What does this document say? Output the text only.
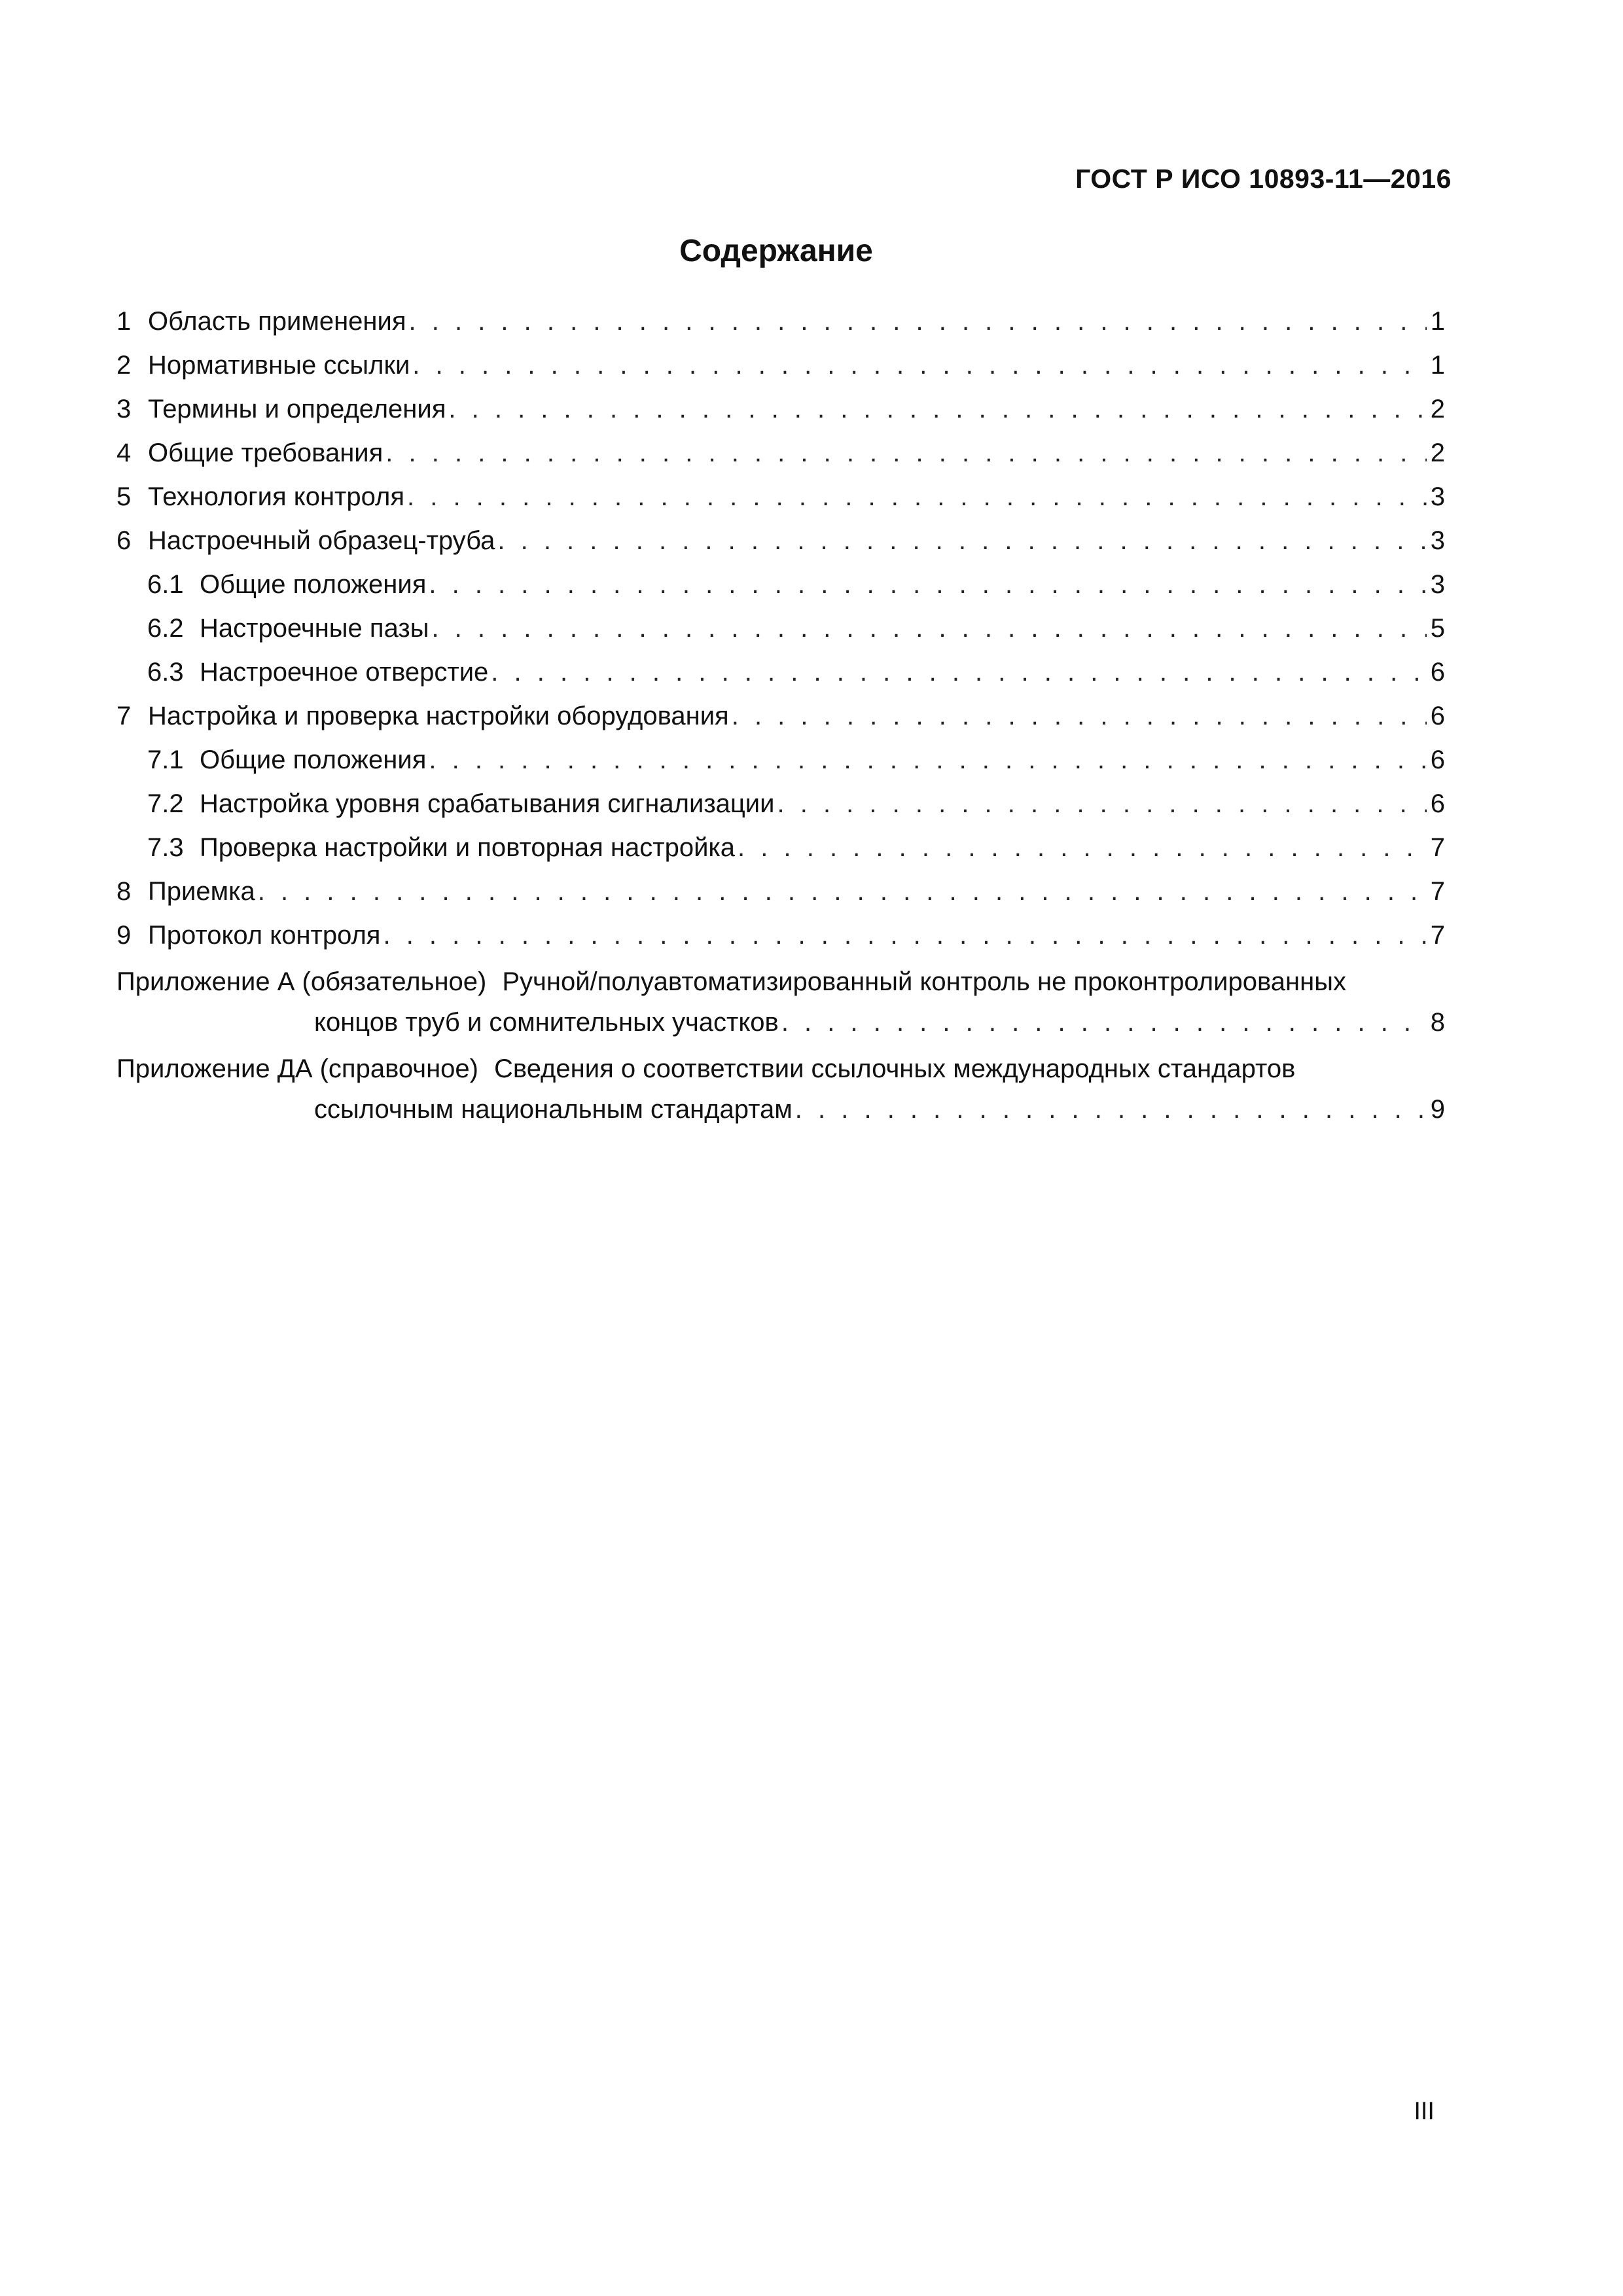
ГОСТ Р ИСО 10893-11—2016
Содержание
1 Область применения . . .	1
2 Нормативные ссылки . . .	1
3 Термины и определения . . .	2
4 Общие требования . . .	2
5 Технология контроля . . .	3
6 Настроечный образец-труба . . .	3
6.1 Общие положения . . .	3
6.2 Настроечные пазы . . .	5
6.3 Настроечное отверстие . . .	6
7 Настройка и проверка настройки оборудования . . .	6
7.1 Общие положения . . .	6
7.2 Настройка уровня срабатывания сигнализации . . .	6
7.3 Проверка настройки и повторная настройка . . .	7
8 Приемка . . .	7
9 Протокол контроля . . .	7
Приложение А (обязательное) Ручной/полуавтоматизированный контроль не проконтролированных
концов труб и сомнительных участков . . .	8
Приложение ДА (справочное) Сведения о соответствии ссылочных международных стандартов
ссылочным национальным стандартам . . .	9
III
